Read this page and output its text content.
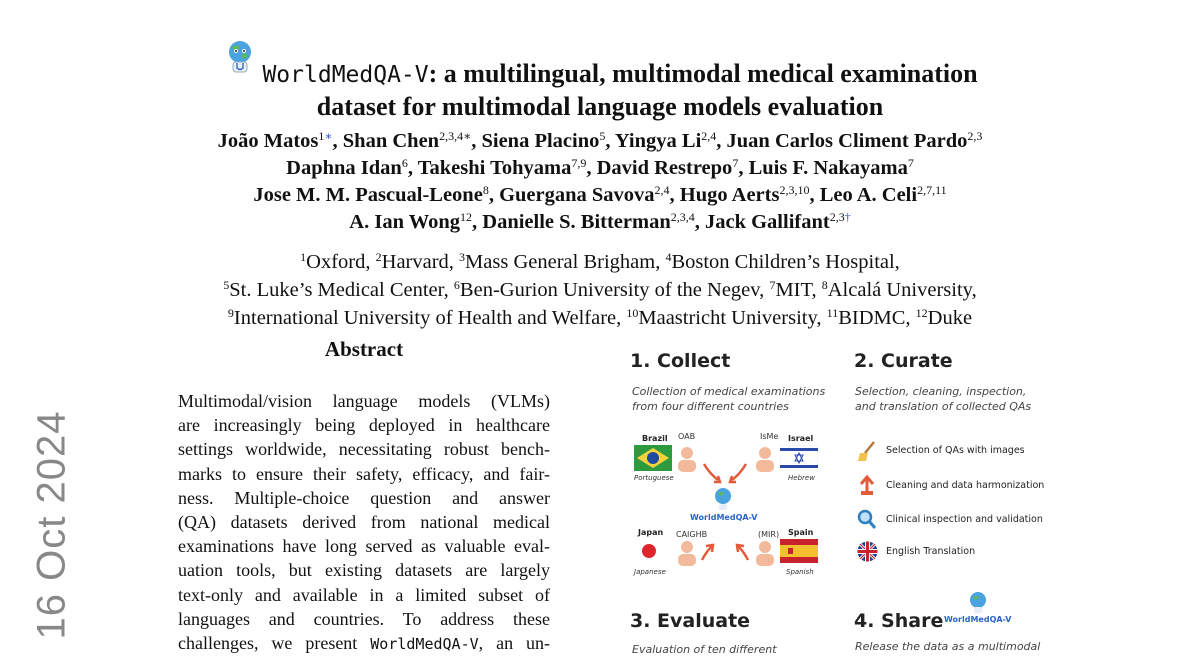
16 Oct 2024
WorldMedQA-V: a multilingual, multimodal medical examination
dataset for multimodal language models evaluation
João Matos$^{1∗}$, Shan Chen$^{2,3,4∗}$, Siena Placino$^5$, Yingya Li$^{2,4}$, Juan Carlos Climent Pardo$^{2,3}$
Daphna Idan$^6$, Takeshi Tohyama$^{7,9}$, David Restrepo$^7$, Luis F. Nakayama$^7$
Jose M. M. Pascual-Leone$^8$, Guergana Savova$^{2,4}$, Hugo Aerts$^{2,3,10}$, Leo A. Celi$^{2,7,11}$
A. Ian Wong$^{12}$, Danielle S. Bitterman$^{2,3,4}$, Jack Gallifant$^{2,3\dagger}$
$^1$Oxford, $^2$Harvard, $^3$Mass General Brigham, $^4$Boston Children’s Hospital,
$^5$St. Luke’s Medical Center, $^6$Ben-Gurion University of the Negev, $^7$MIT, $^8$Alcalá University,
$^9$International University of Health and Welfare, $^{10}$Maastricht University, $^{11}$BIDMC, $^{12}$Duke
Abstract
Multimodal/vision language models (VLMs)
are increasingly being deployed in healthcare
settings worldwide, necessitating robust bench-
marks to ensure their safety, efficacy, and fair-
ness. Multiple-choice question and answer
(QA) datasets derived from national medical
examinations have long served as valuable eval-
uation tools, but existing datasets are largely
text-only and available in a limited subset of
languages and countries. To address these
challenges, we present WorldMedQA-V, an un-
1. Collect
Collection of medical examinations
from four different countries
Brazil OAB
Portuguese
Israel
IsMe
Hebrew
WorldMedQA-V
Japan CAIGHB
Japanese
Spain
(MIR)
Spanish
2. Curate
Selection, cleaning, inspection,
and translation of collected QAs
Selection of QAs with images
Cleaning and data harmonization
Clinical inspection and validation
English Translation
3. Evaluate
Evaluation of ten different
4. Share WorldMedQA-V
Release the data as a multimodal
